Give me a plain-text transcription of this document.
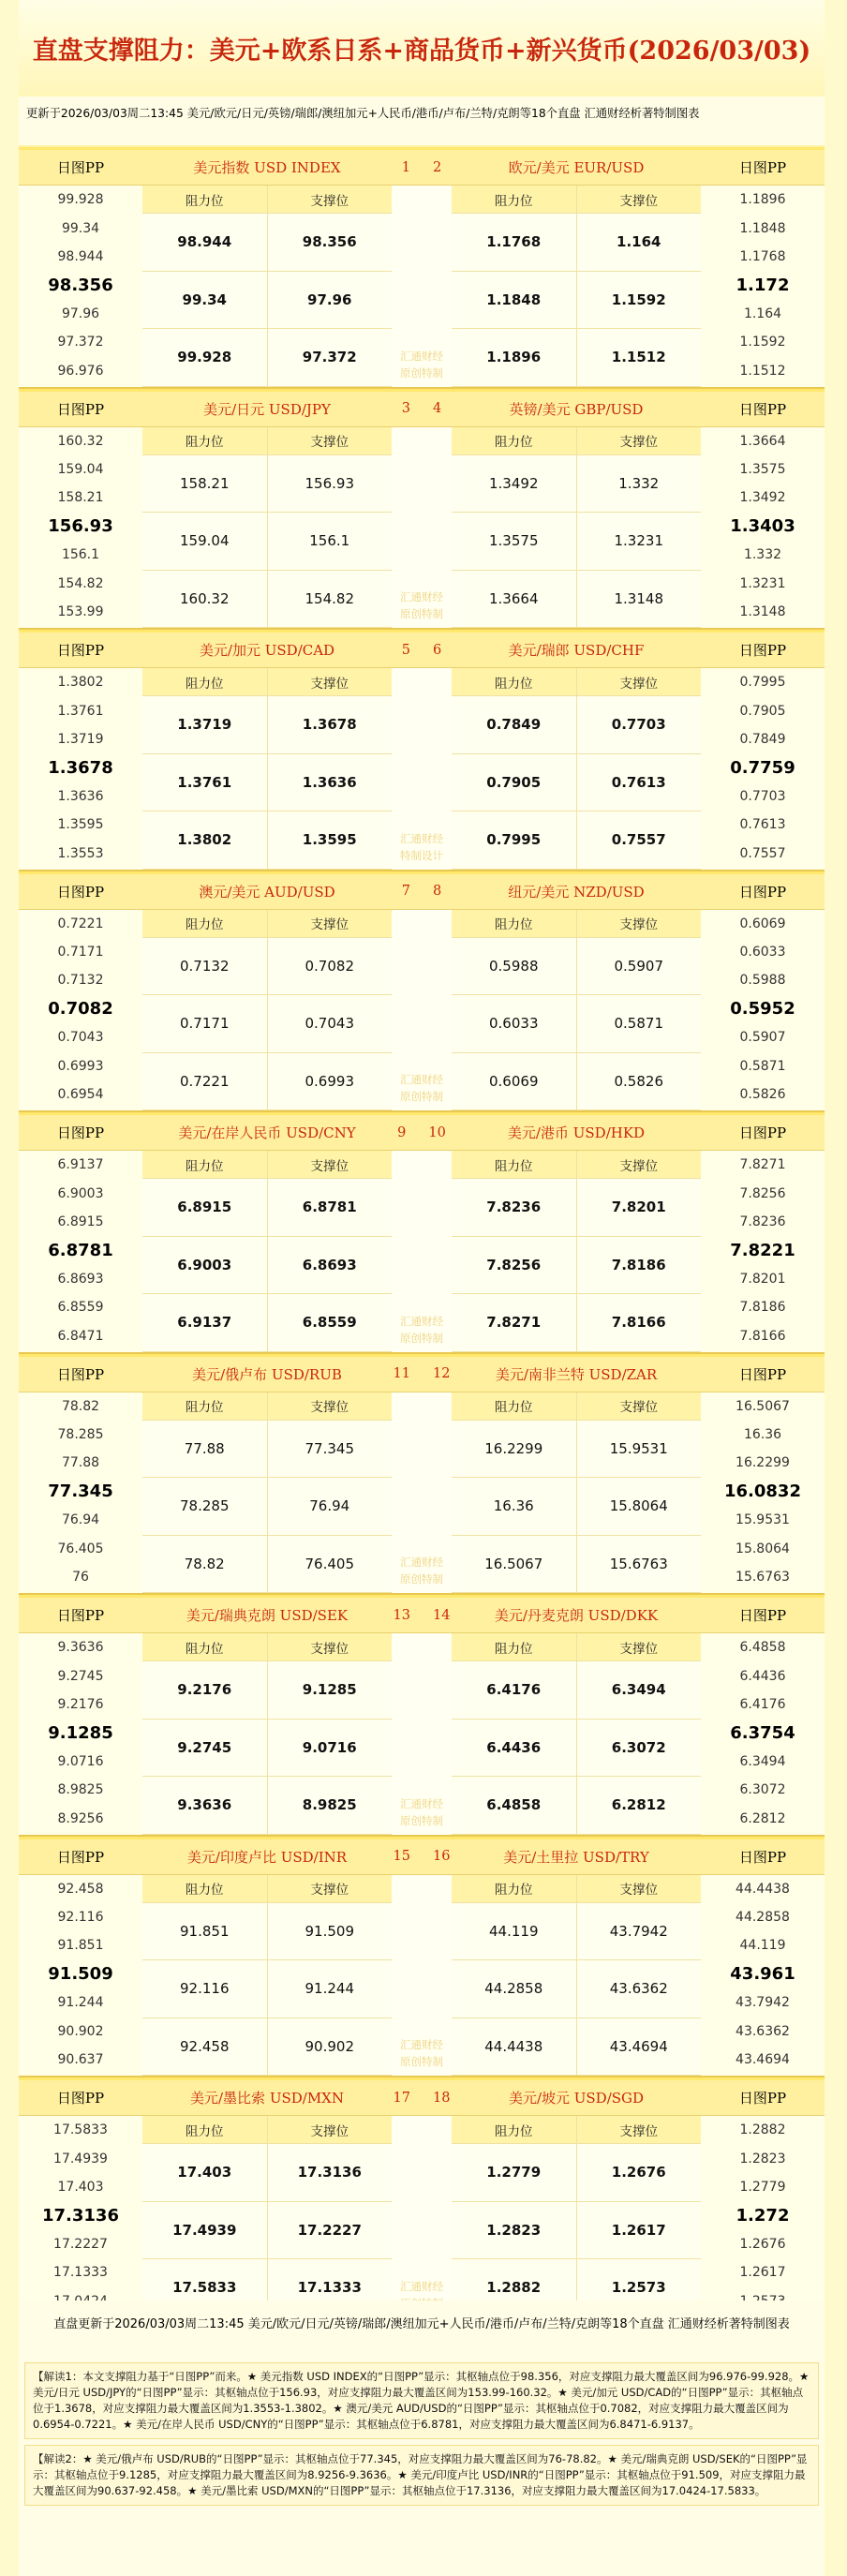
直盘支撑阻力：美元+欧系日系+商品货币+新兴货币(2026/03/03)
更新于2026/03/03周二13:45 美元/欧元/日元/英镑/瑞郎/澳纽加元+人民币/港币/卢布/兰特/克朗等18个直盘 汇通财经析著特制图表
日图PP
99.928
99.34
98.944
98.356
97.96
97.372
96.976
美元指数 USD INDEX
阻力位	支撑位
98.944	98.356
99.34	97.96
99.928	97.372
日图PP
1.1896
1.1848
1.1768
1.172
1.164
1.1592
1.1512
欧元/美元 EUR/USD
阻力位	支撑位
1.1768	1.164
1.1848	1.1592
1.1896	1.1512
1 2
汇通财经
原创特制
日图PP
160.32
159.04
158.21
156.93
156.1
154.82
153.99
美元/日元 USD/JPY
阻力位	支撑位
158.21	156.93
159.04	156.1
160.32	154.82
日图PP
1.3664
1.3575
1.3492
1.3403
1.332
1.3231
1.3148
英镑/美元 GBP/USD
阻力位	支撑位
1.3492	1.332
1.3575	1.3231
1.3664	1.3148
3 4
汇通财经
原创特制
日图PP
1.3802
1.3761
1.3719
1.3678
1.3636
1.3595
1.3553
美元/加元 USD/CAD
阻力位	支撑位
1.3719	1.3678
1.3761	1.3636
1.3802	1.3595
日图PP
0.7995
0.7905
0.7849
0.7759
0.7703
0.7613
0.7557
美元/瑞郎 USD/CHF
阻力位	支撑位
0.7849	0.7703
0.7905	0.7613
0.7995	0.7557
5 6
汇通财经
特制设计
日图PP
0.7221
0.7171
0.7132
0.7082
0.7043
0.6993
0.6954
澳元/美元 AUD/USD
阻力位	支撑位
0.7132	0.7082
0.7171	0.7043
0.7221	0.6993
日图PP
0.6069
0.6033
0.5988
0.5952
0.5907
0.5871
0.5826
纽元/美元 NZD/USD
阻力位	支撑位
0.5988	0.5907
0.6033	0.5871
0.6069	0.5826
7 8
汇通财经
原创特制
日图PP
6.9137
6.9003
6.8915
6.8781
6.8693
6.8559
6.8471
美元/在岸人民币 USD/CNY
阻力位	支撑位
6.8915	6.8781
6.9003	6.8693
6.9137	6.8559
日图PP
7.8271
7.8256
7.8236
7.8221
7.8201
7.8186
7.8166
美元/港币 USD/HKD
阻力位	支撑位
7.8236	7.8201
7.8256	7.8186
7.8271	7.8166
9 10
汇通财经
原创特制
日图PP
78.82
78.285
77.88
77.345
76.94
76.405
76
美元/俄卢布 USD/RUB
阻力位	支撑位
77.88	77.345
78.285	76.94
78.82	76.405
日图PP
16.5067
16.36
16.2299
16.0832
15.9531
15.8064
15.6763
美元/南非兰特 USD/ZAR
阻力位	支撑位
16.2299	15.9531
16.36	15.8064
16.5067	15.6763
11 12
汇通财经
原创特制
日图PP
9.3636
9.2745
9.2176
9.1285
9.0716
8.9825
8.9256
美元/瑞典克朗 USD/SEK
阻力位	支撑位
9.2176	9.1285
9.2745	9.0716
9.3636	8.9825
日图PP
6.4858
6.4436
6.4176
6.3754
6.3494
6.3072
6.2812
美元/丹麦克朗 USD/DKK
阻力位	支撑位
6.4176	6.3494
6.4436	6.3072
6.4858	6.2812
13 14
汇通财经
原创特制
日图PP
92.458
92.116
91.851
91.509
91.244
90.902
90.637
美元/印度卢比 USD/INR
阻力位	支撑位
91.851	91.509
92.116	91.244
92.458	90.902
日图PP
44.4438
44.2858
44.119
43.961
43.7942
43.6362
43.4694
美元/土里拉 USD/TRY
阻力位	支撑位
44.119	43.7942
44.2858	43.6362
44.4438	43.4694
15 16
汇通财经
原创特制
日图PP
17.5833
17.4939
17.403
17.3136
17.2227
17.1333
美元/墨比索 USD/MXN
阻力位	支撑位
17.403	17.3136
17.4939	17.2227
17.5833	17.1333
日图PP
1.2882
1.2823
1.2779
1.272
1.2676
1.2617
美元/坡元 USD/SGD
阻力位	支撑位
1.2779	1.2676
1.2823	1.2617
1.2882	1.2573
17 18
汇通财经
直盘更新于2026/03/03周二13:45 美元/欧元/日元/英镑/瑞郎/澳纽加元+人民币/港币/卢布/兰特/克朗等18个直盘 汇通财经析著特制图表
【解读1：本文支撑阻力基于“日图PP”而来。★ 美元指数 USD INDEX的“日图PP”显示：其枢轴点位于98.356，对应支撑阻力最大覆盖区间为96.976-99.928。★ 美元/日元 USD/JPY的“日图PP”显示：其枢轴点位于156.93，对应支撑阻力最大覆盖区间为153.99-160.32。★ 美元/加元 USD/CAD的“日图PP”显示：其枢轴点位于1.3678，对应支撑阻力最大覆盖区间为1.3553-1.3802。★ 澳元/美元 AUD/USD的“日图PP”显示：其枢轴点位于0.7082，对应支撑阻力最大覆盖区间为0.6954-0.7221。★ 美元/在岸人民币 USD/CNY的“日图PP”显示：其枢轴点位于6.8781，对应支撑阻力最大覆盖区间为6.8471-6.9137。
【解读2：★ 美元/俄卢布 USD/RUB的“日图PP”显示：其枢轴点位于77.345，对应支撑阻力最大覆盖区间为76-78.82。★ 美元/瑞典克朗 USD/SEK的“日图PP”显示：其枢轴点位于9.1285，对应支撑阻力最大覆盖区间为8.9256-9.3636。★ 美元/印度卢比 USD/INR的“日图PP”显示：其枢轴点位于91.509，对应支撑阻力最大覆盖区间为90.637-92.458。★ 美元/墨比索 USD/MXN的“日图PP”显示：其枢轴点位于17.3136，对应支撑阻力最大覆盖区间为17.0424-17.5833。
